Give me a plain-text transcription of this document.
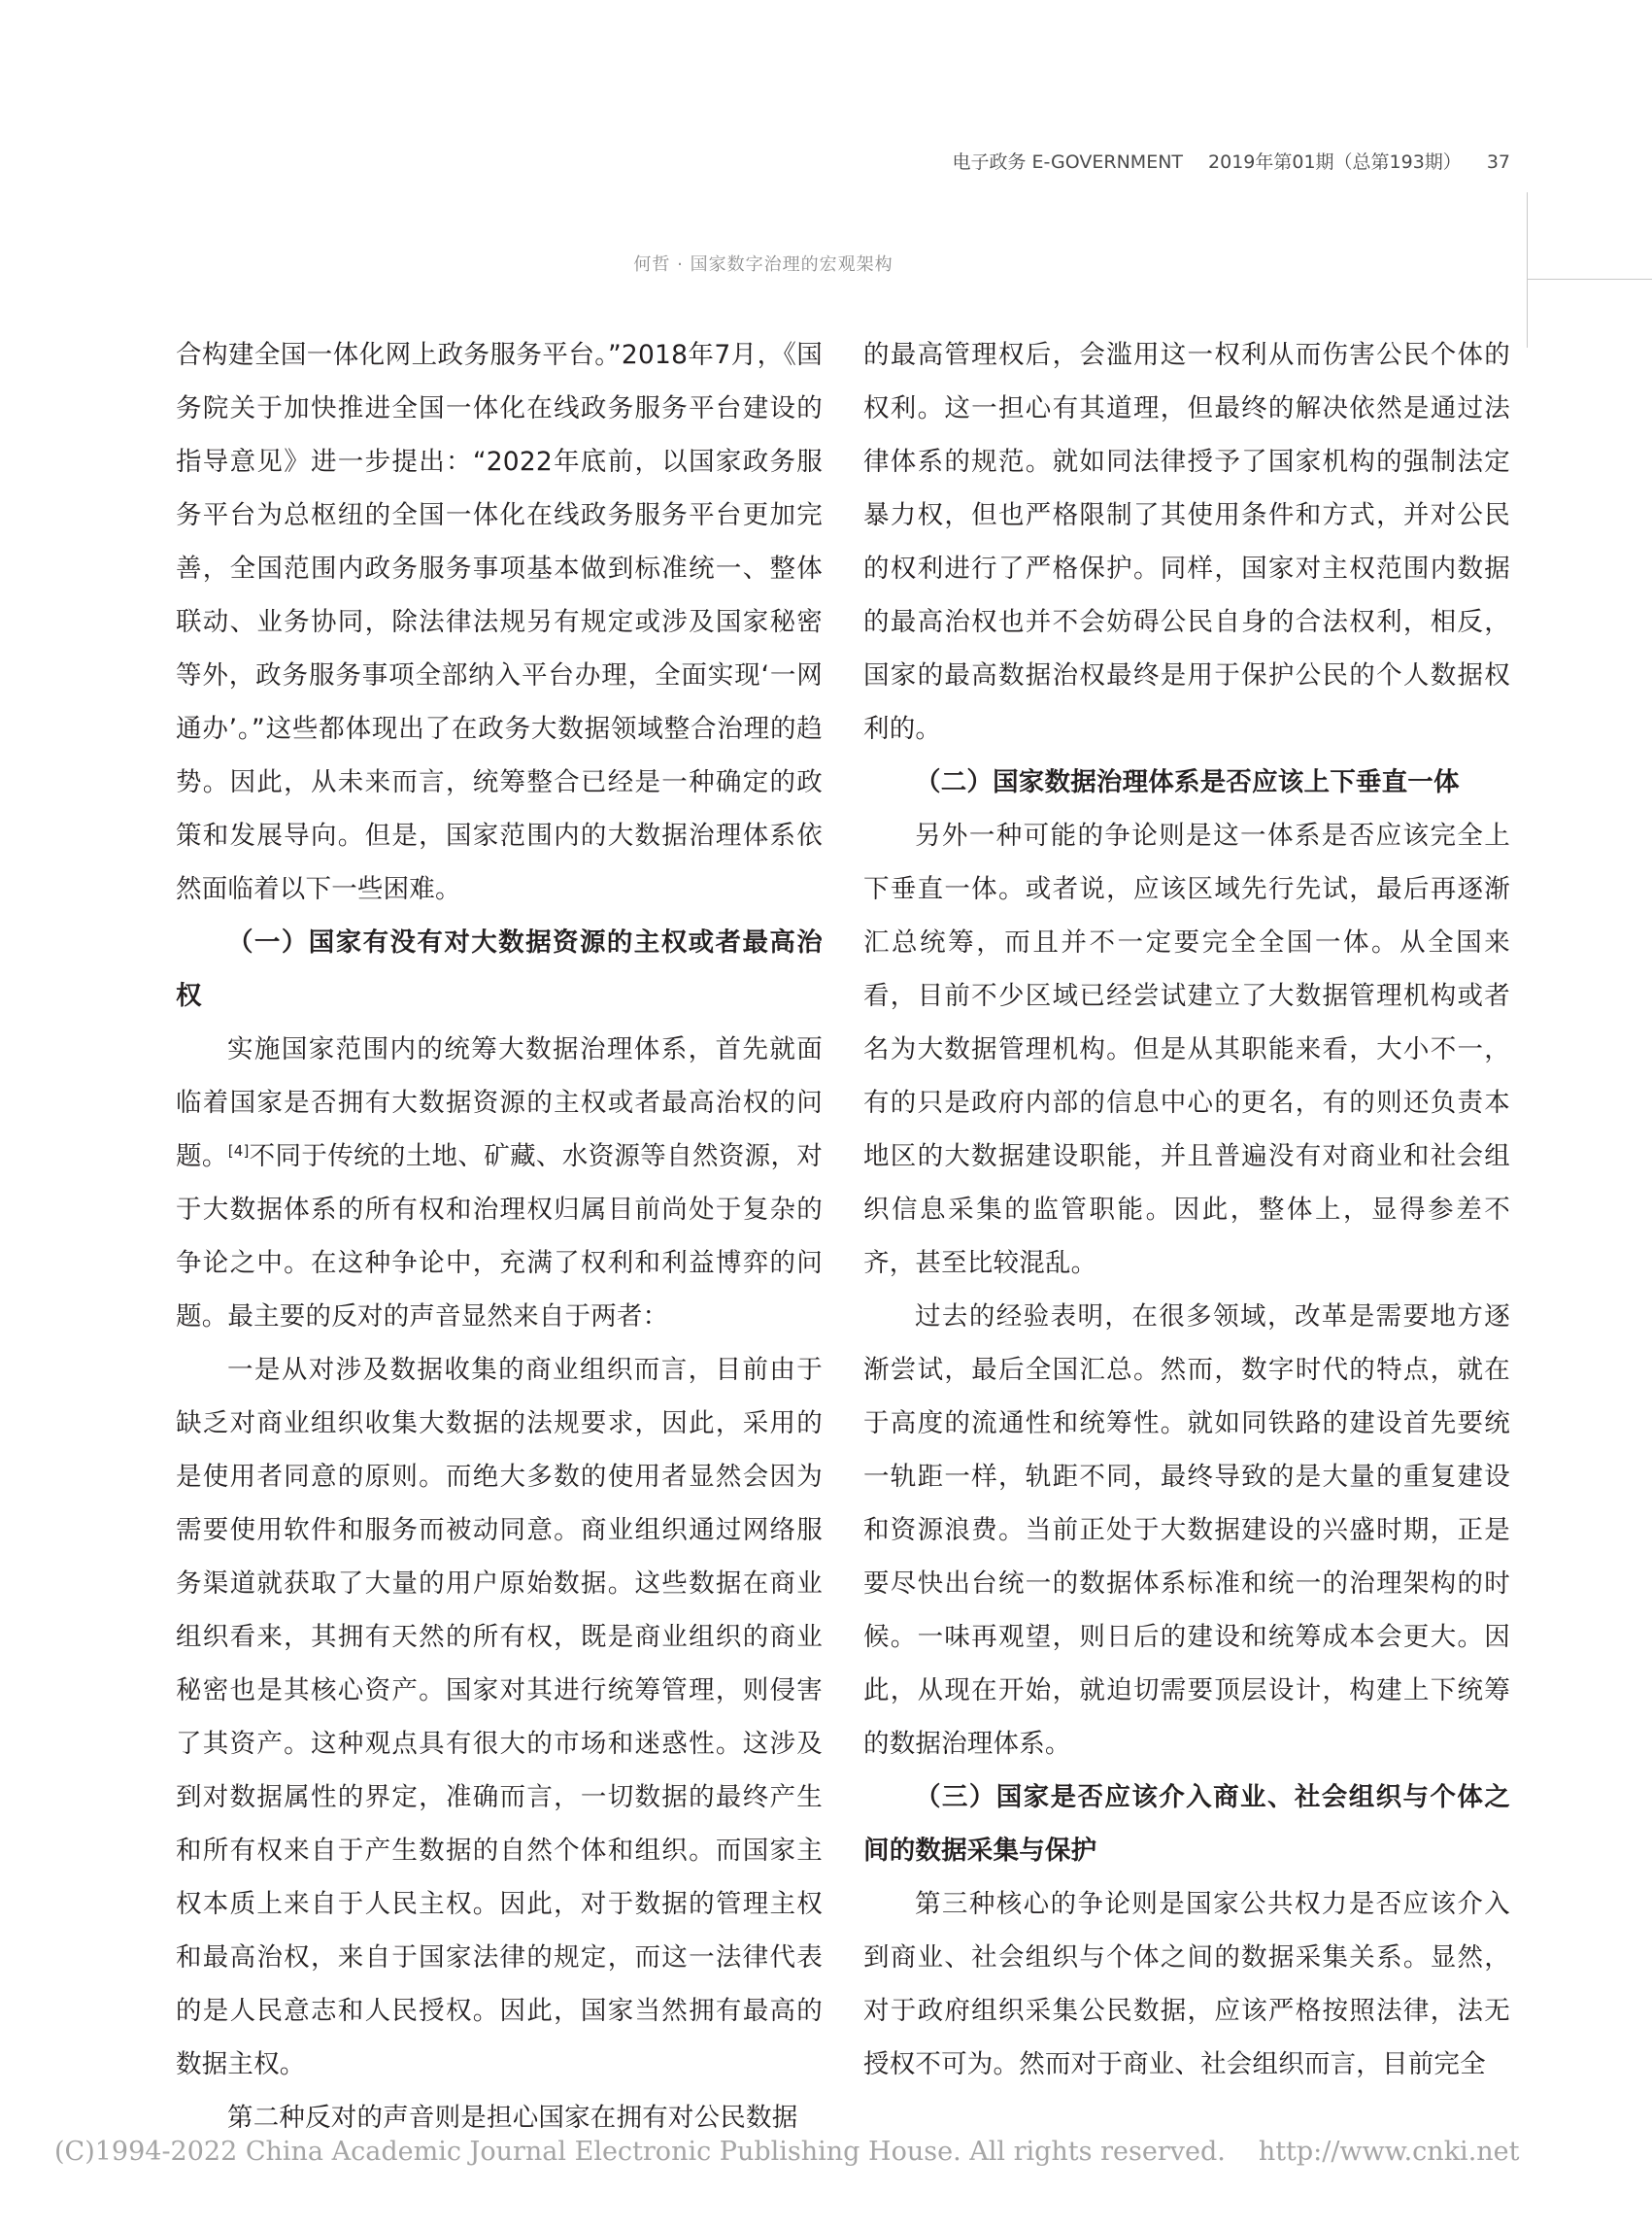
电子政务 E-GOVERNMENT 2019年第01期（总第193期） 37
何哲 · 国家数字治理的宏观架构

合构建全国一体化网上政务服务平台。”2018年7月，《国务院关于加快推进全国一体化在线政务服务平台建设的指导意见》进一步提出：“2022年底前，以国家政务服务平台为总枢纽的全国一体化在线政务服务平台更加完善，全国范围内政务服务事项基本做到标准统一、整体联动、业务协同，除法律法规另有规定或涉及国家秘密等外，政务服务事项全部纳入平台办理，全面实现‘一网通办’。”这些都体现出了在政务大数据领域整合治理的趋势。因此，从未来而言，统筹整合已经是一种确定的政策和发展导向。但是，国家范围内的大数据治理体系依然面临着以下一些困难。

（一）国家有没有对大数据资源的主权或者最高治权

实施国家范围内的统筹大数据治理体系，首先就面临着国家是否拥有大数据资源的主权或者最高治权的问题。[4]不同于传统的土地、矿藏、水资源等自然资源，对于大数据体系的所有权和治理权归属目前尚处于复杂的争论之中。在这种争论中，充满了权利和利益博弈的问题。最主要的反对的声音显然来自于两者：

一是从对涉及数据收集的商业组织而言，目前由于缺乏对商业组织收集大数据的法规要求，因此，采用的是使用者同意的原则。而绝大多数的使用者显然会因为需要使用软件和服务而被动同意。商业组织通过网络服务渠道就获取了大量的用户原始数据。这些数据在商业组织看来，其拥有天然的所有权，既是商业组织的商业秘密也是其核心资产。国家对其进行统筹管理，则侵害了其资产。这种观点具有很大的市场和迷惑性。这涉及到对数据属性的界定，准确而言，一切数据的最终产生和所有权来自于产生数据的自然个体和组织。而国家主权本质上来自于人民主权。因此，对于数据的管理主权和最高治权，来自于国家法律的规定，而这一法律代表的是人民意志和人民授权。因此，国家当然拥有最高的数据主权。

第二种反对的声音则是担心国家在拥有对公民数据

的最高管理权后，会滥用这一权利从而伤害公民个体的权利。这一担心有其道理，但最终的解决依然是通过法律体系的规范。就如同法律授予了国家机构的强制法定暴力权，但也严格限制了其使用条件和方式，并对公民的权利进行了严格保护。同样，国家对主权范围内数据的最高治权也并不会妨碍公民自身的合法权利，相反，国家的最高数据治权最终是用于保护公民的个人数据权利的。

（二）国家数据治理体系是否应该上下垂直一体

另外一种可能的争论则是这一体系是否应该完全上下垂直一体。或者说，应该区域先行先试，最后再逐渐汇总统筹，而且并不一定要完全全国一体。从全国来看，目前不少区域已经尝试建立了大数据管理机构或者名为大数据管理机构。但是从其职能来看，大小不一，有的只是政府内部的信息中心的更名，有的则还负责本地区的大数据建设职能，并且普遍没有对商业和社会组织信息采集的监管职能。因此，整体上，显得参差不齐，甚至比较混乱。

过去的经验表明，在很多领域，改革是需要地方逐渐尝试，最后全国汇总。然而，数字时代的特点，就在于高度的流通性和统筹性。就如同铁路的建设首先要统一轨距一样，轨距不同，最终导致的是大量的重复建设和资源浪费。当前正处于大数据建设的兴盛时期，正是要尽快出台统一的数据体系标准和统一的治理架构的时候。一味再观望，则日后的建设和统筹成本会更大。因此，从现在开始，就迫切需要顶层设计，构建上下统筹的数据治理体系。

（三）国家是否应该介入商业、社会组织与个体之间的数据采集与保护

第三种核心的争论则是国家公共权力是否应该介入到商业、社会组织与个体之间的数据采集关系。显然，对于政府组织采集公民数据，应该严格按照法律，法无授权不可为。然而对于商业、社会组织而言，目前完全

(C)1994-2022 China Academic Journal Electronic Publishing House. All rights reserved. http://www.cnki.net
